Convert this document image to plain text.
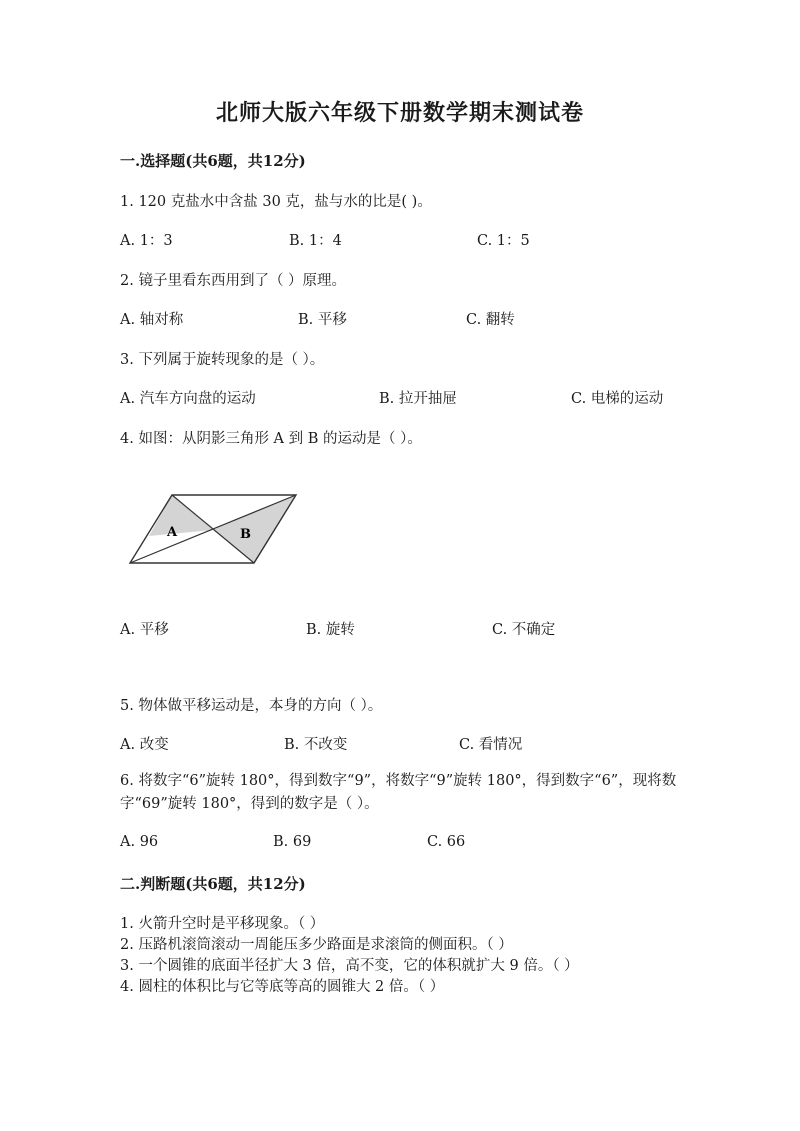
北师大版六年级下册数学期末测试卷
一.选择题(共6题，共12分)
1. 120 克盐水中含盐 30 克，盐与水的比是( )。
A. 1：3	B. 1：4	C. 1：5
2. 镜子里看东西用到了（ ）原理。
A. 轴对称	B. 平移	C. 翻转
3. 下列属于旋转现象的是（ ）。
A. 汽车方向盘的运动	B. 拉开抽屉	C. 电梯的运动
4. 如图：从阴影三角形 A 到 B 的运动是（ ）。
A	B
A. 平移	B. 旋转	C. 不确定
5. 物体做平移运动是，本身的方向（ ）。
A. 改变	B. 不改变	C. 看情况
6. 将数字“6”旋转 180°，得到数字“9”，将数字“9”旋转 180°，得到数字“6”，现将数字“69”旋转 180°，得到的数字是（ ）。
A. 96	B. 69	C. 66
二.判断题(共6题，共12分)
1. 火箭升空时是平移现象。（ ）
2. 压路机滚筒滚动一周能压多少路面是求滚筒的侧面积。（ ）
3. 一个圆锥的底面半径扩大 3 倍，高不变，它的体积就扩大 9 倍。（ ）
4. 圆柱的体积比与它等底等高的圆锥大 2 倍。（ ）
